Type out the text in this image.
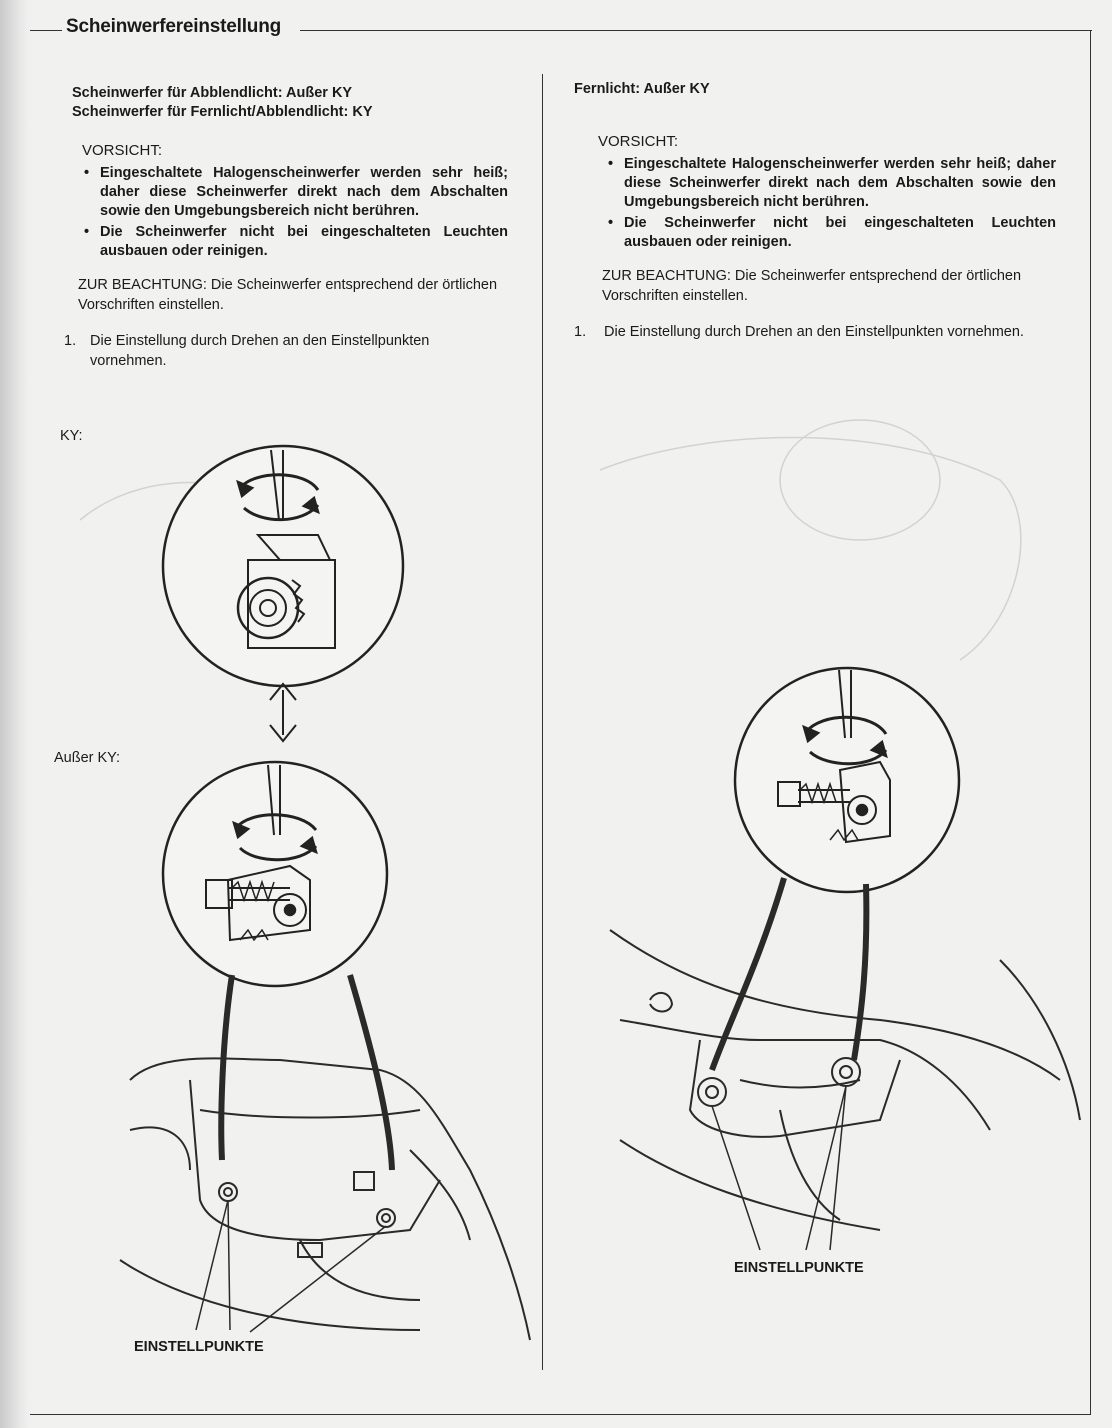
Scheinwerfereinstellung

Scheinwerfer für Abblendlicht: Außer KY
Scheinwerfer für Fernlicht/Abblendlicht: KY
VORSICHT:
• Eingeschaltete Halogenscheinwerfer werden sehr heiß; daher diese Scheinwerfer direkt nach dem Abschalten sowie den Umgebungsbereich nicht berühren.
• Die Scheinwerfer nicht bei eingeschalteten Leuchten ausbauen oder reinigen.
ZUR BEACHTUNG: Die Scheinwerfer entsprechend der örtlichen Vorschriften einstellen.
1. Die Einstellung durch Drehen an den Einstellpunkten vornehmen.
KY:
Außer KY:
EINSTELLPUNKTE
Fernlicht: Außer KY
VORSICHT:
• Eingeschaltete Halogenscheinwerfer werden sehr heiß; daher diese Scheinwerfer direkt nach dem Abschalten sowie den Umgebungsbereich nicht berühren.
• Die Scheinwerfer nicht bei eingeschalteten Leuchten ausbauen oder reinigen.
ZUR BEACHTUNG: Die Scheinwerfer entsprechend der örtlichen Vorschriften einstellen.
1.	Die Einstellung durch Drehen an den Einstellpunkten vornehmen.
EINSTELLPUNKTE
